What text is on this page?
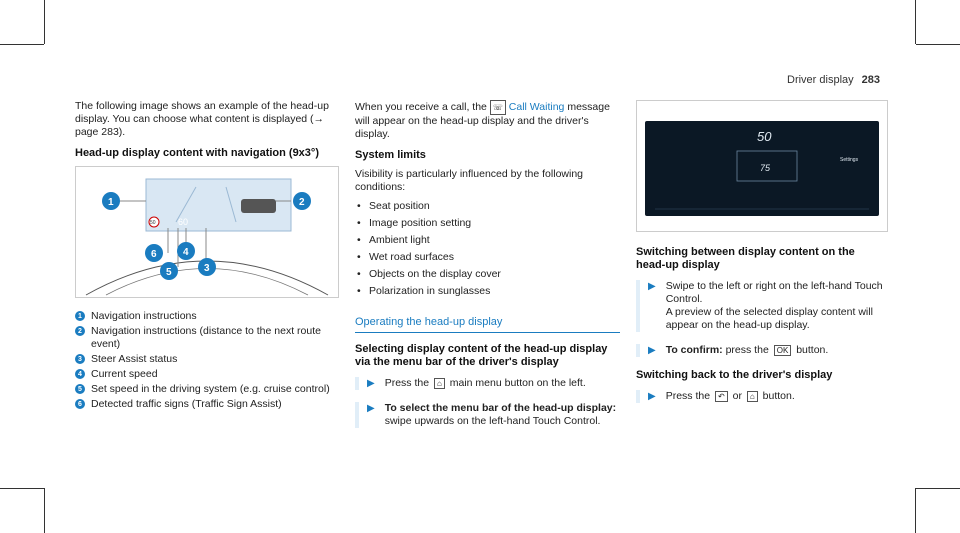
Driver display 283

The following image shows an example of the head-up display. You can choose what content is displayed (→ page 283).

Head-up display content with navigation (9x3°)
50 60
1	2
3
4
5
6
1 Navigation instructions
2 Navigation instructions (distance to the next route event)
3 Steer Assist status
4 Current speed
5 Set speed in the driving system (e.g. cruise control)
6 Detected traffic signs (Traffic Sign Assist)

When you receive a call, the ☏ Call Waiting message will appear on the head-up display and the driver's display.

System limits

Visibility is particularly influenced by the following conditions:

• Seat position
• Image position setting
• Ambient light
• Wet road surfaces
• Objects on the display cover
• Polarization in sunglasses
Operating the head-up display
Selecting display content of the head-up display via the menu bar of the driver's display
▶ Press the ⌂ main menu button on the left.
▶ To select the menu bar of the head-up display: swipe upwards on the left-hand Touch Control.
50
75
Settings
Switching between display content on the head-up display
▶ Swipe to the left or right on the left-hand Touch Control.
A preview of the selected display content will appear on the head-up display.
▶ To confirm: press the OK button.
Switching back to the driver's display
▶ Press the ↶ or ⌂ button.
